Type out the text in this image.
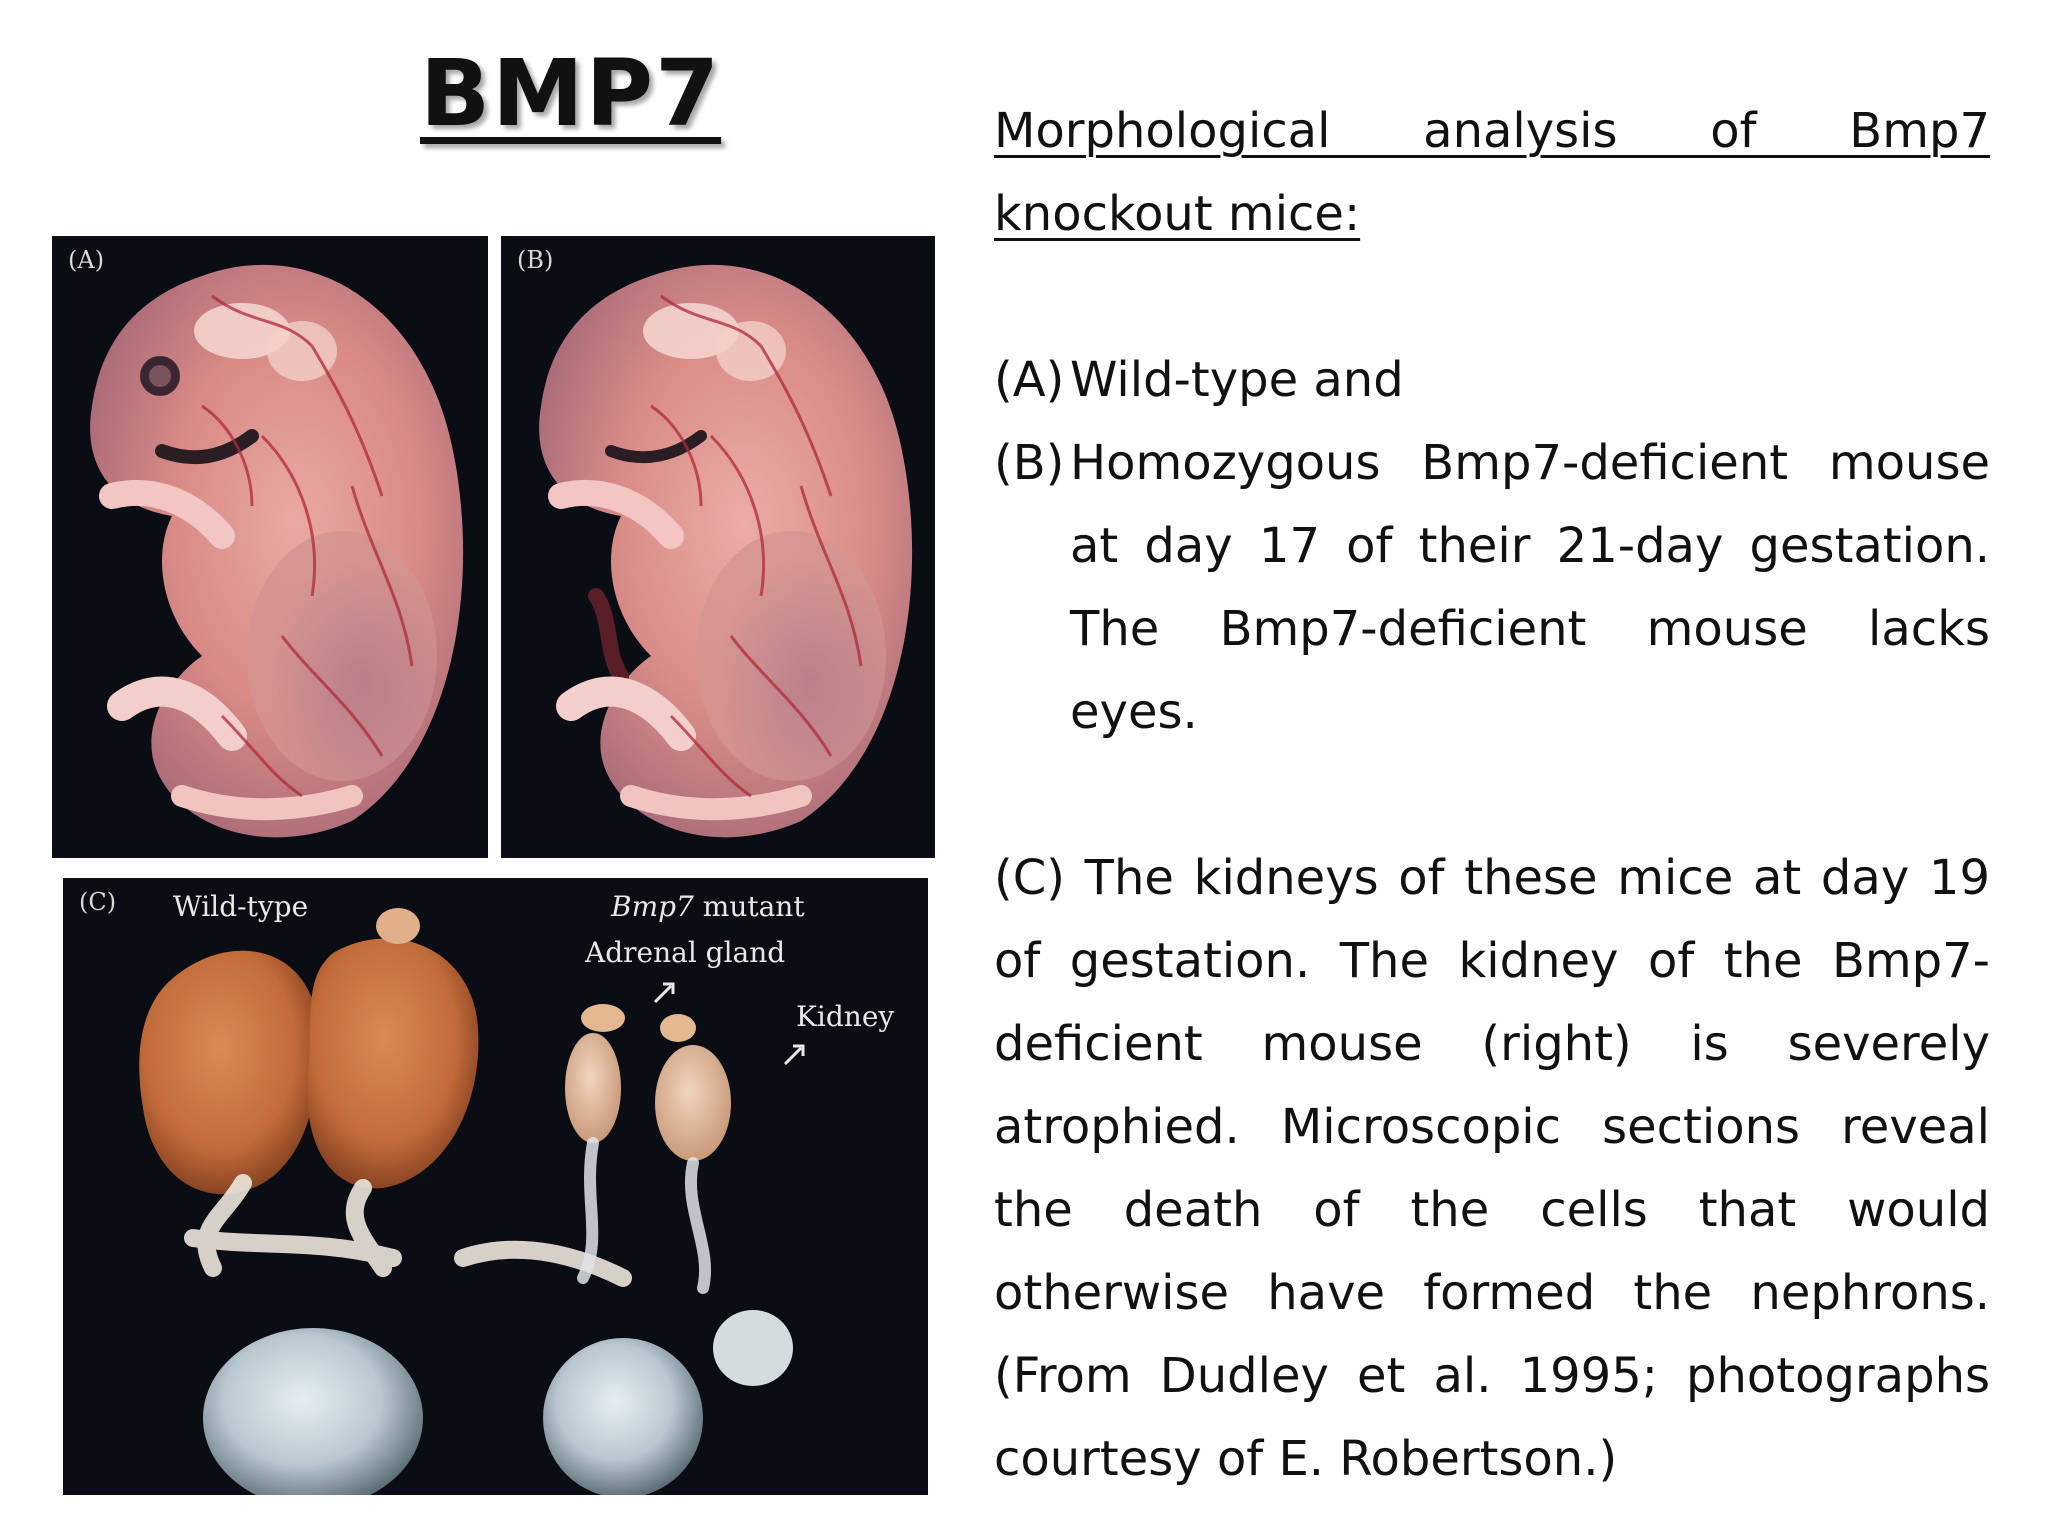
BMP7
(A)	(B)
(C) Wild-type	Bmp7 mutant
Adrenal gland
Kidney

Morphological analysis of Bmp7 knockout mice:

(A) Wild-type and

(B) Homozygous Bmp7-deficient mouse

at day 17 of their 21-day gestation. The Bmp7-deficient mouse lacks eyes.

(C) The kidneys of these mice at day 19 of gestation. The kidney of the Bmp7-deficient mouse (right) is severely atrophied. Microscopic sections reveal the death of the cells that would otherwise have formed the nephrons. (From Dudley et al. 1995; photographs courtesy of E. Robertson.)
